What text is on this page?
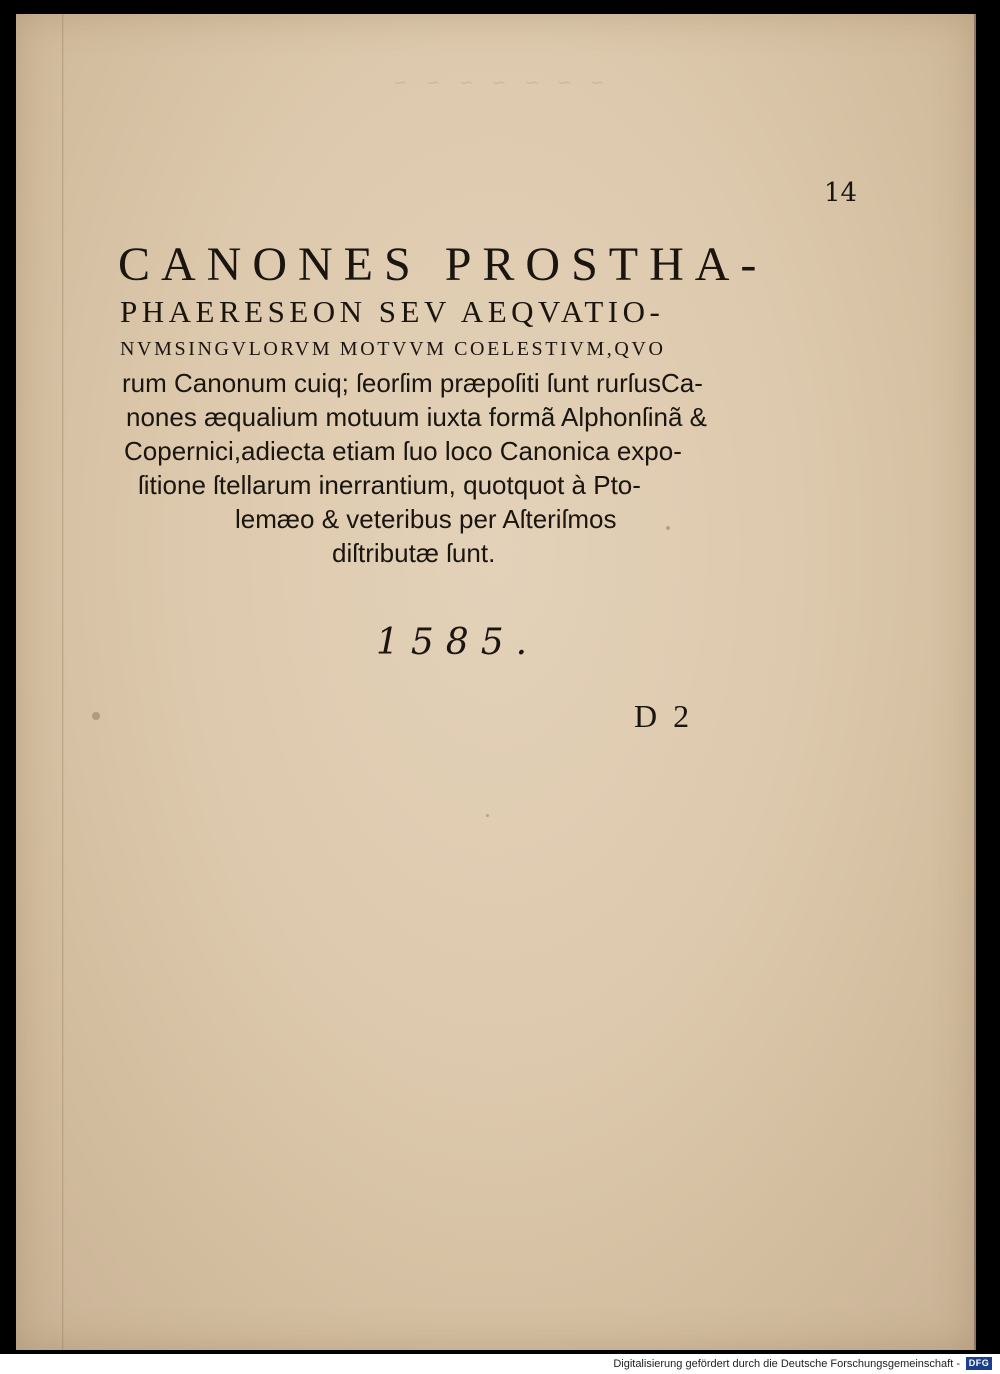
~ ~ ~ ~ ~ ~ ~
14
CANONES PROSTHA-
PHAERESEON SEV AEQVATIO-
NVMSINGVLORVM MOTVVM COELESTIVM,QVO
rum Canonum cuiq; ſeorſim præpoſiti ſunt rurſusCa-
nones æqualium motuum iuxta formã Alphonſinã &
Copernici,adiecta etiam ſuo loco Canonica expo-
ſitione ſtellarum inerrantium, quotquot à Pto-
lemæo & veteribus per Aſteriſmos
diſtributæ ſunt.
1585.
D 2
Digitalisierung gefördert durch die Deutsche Forschungsgemeinschaft - DFG
